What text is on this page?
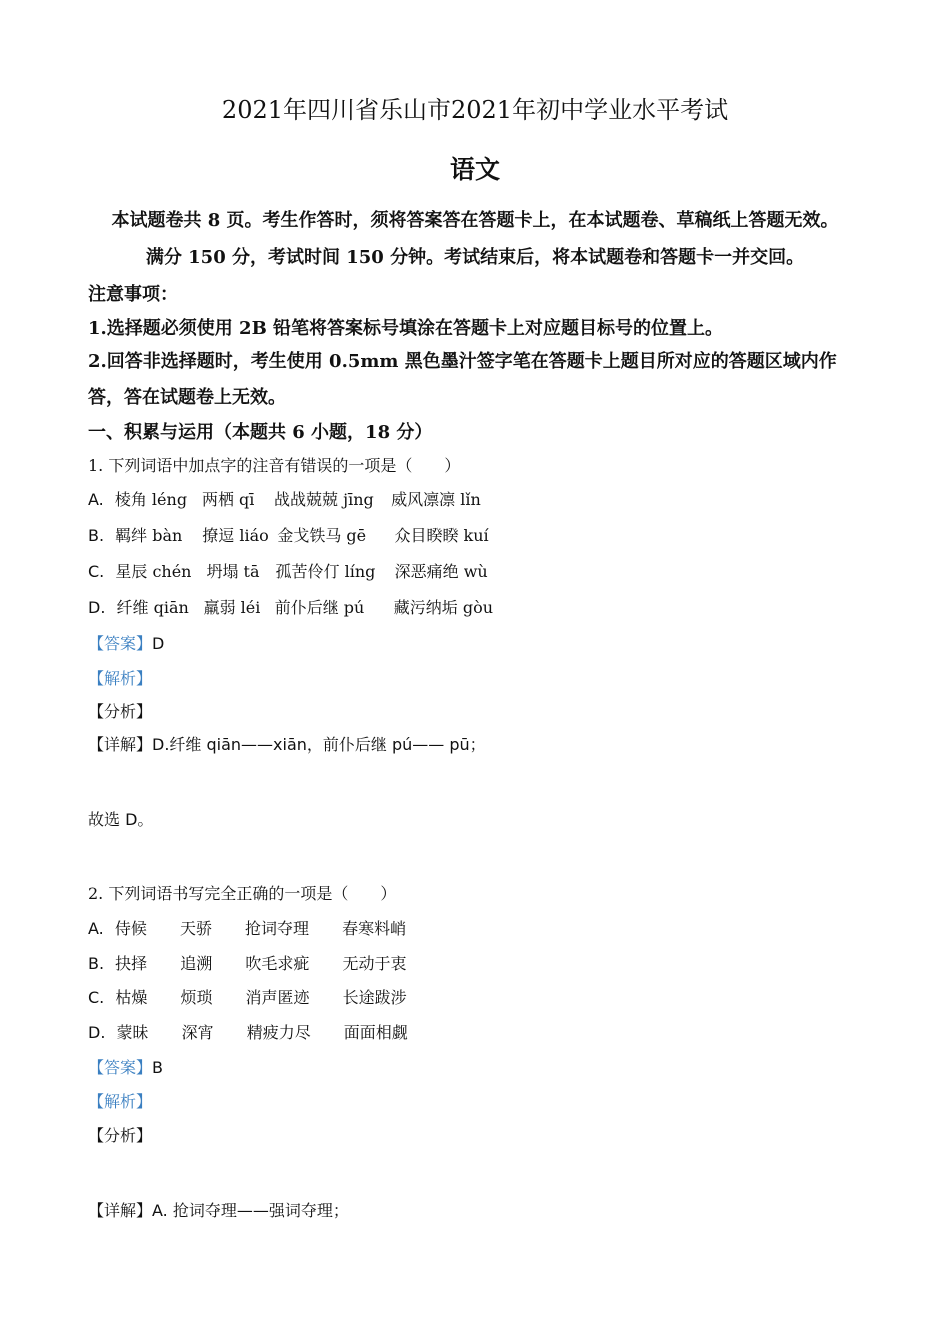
2021年四川省乐山市2021年初中学业水平考试
语文
本试题卷共 8 页。考生作答时，须将答案答在答题卡上，在本试题卷、草稿纸上答题无效。
满分 150 分，考试时间 150 分钟。考试结束后，将本试题卷和答题卡一并交回。
注意事项：
1.选择题必须使用 2B 铅笔将答案标号填涂在答题卡上对应题目标号的位置上。
2.回答非选择题时，考生使用 0.5mm 黑色墨汁签字笔在答题卡上题目所对应的答题区域内作
答，答在试题卷上无效。
一、积累与运用（本题共 6 小题，18 分）
1. 下列词语中加点字的注音有错误的一项是（　　）
A. 棱角 léng 两栖 qī 战战兢兢 jīng 威风凛凛 lǐn
B. 羁绊 bàn 撩逗 liáo 金戈铁马 gē 众目睽睽 kuí
C. 星辰 chén 坍塌 tā 孤苦伶仃 líng 深恶痛绝 wù
D. 纤维 qiān 羸弱 léi 前仆后继 pú 藏污纳垢 gòu
【答案】D
【解析】
【分析】
【详解】D.纤维 qiān——xiān，前仆后继 pú—— pū；
故选 D。
2. 下列词语书写完全正确的一项是（　　）
A. 侍候 天骄 抢词夺理 春寒料峭
B. 抉择 追溯 吹毛求疵 无动于衷
C. 枯燥 烦琐 消声匿迹 长途跋涉
D. 蒙昧 深宵 精疲力尽 面面相觑
【答案】B
【解析】
【分析】
【详解】A. 抢词夺理——强词夺理；
